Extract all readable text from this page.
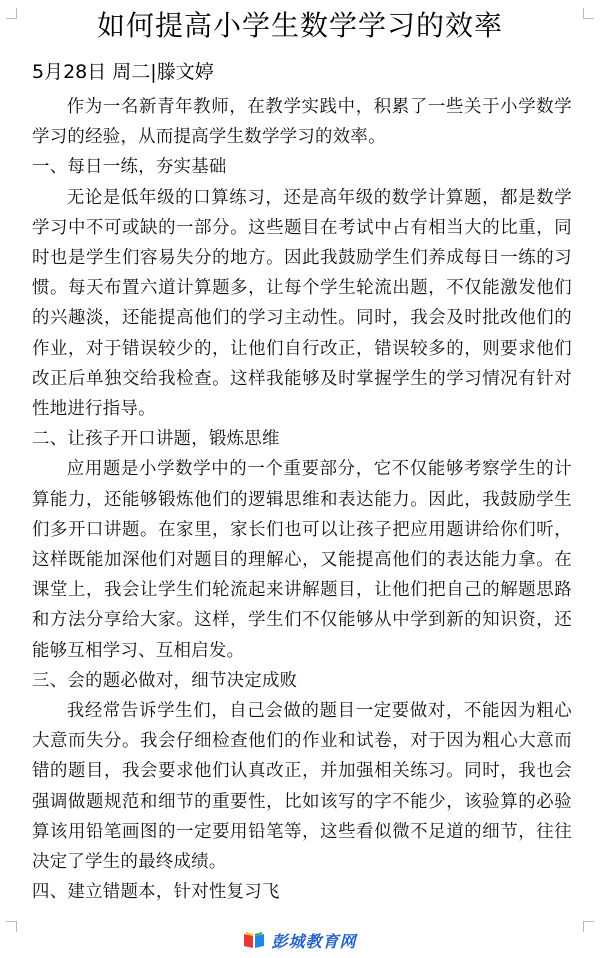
如何提高小学生数学学习的效率
5月28日 周二|滕文婷

作为一名新青年教师，在教学实践中，积累了一些关于小学数学学习的经验，从而提高学生数学学习的效率。

一、每日一练，夯实基础

无论是低年级的口算练习，还是高年级的数学计算题，都是数学学习中不可或缺的一部分。这些题目在考试中占有相当大的比重，同时也是学生们容易失分的地方。因此我鼓励学生们养成每日一练的习惯。每天布置六道计算题多，让每个学生轮流出题，不仅能激发他们的兴趣淡，还能提高他们的学习主动性。同时，我会及时批改他们的作业，对于错误较少的，让他们自行改正，错误较多的，则要求他们改正后单独交给我检查。这样我能够及时掌握学生的学习情况有针对性地进行指导。

二、让孩子开口讲题，锻炼思维

应用题是小学数学中的一个重要部分，它不仅能够考察学生的计算能力，还能够锻炼他们的逻辑思维和表达能力。因此，我鼓励学生们多开口讲题。在家里，家长们也可以让孩子把应用题讲给你们听，这样既能加深他们对题目的理解心，又能提高他们的表达能力拿。在课堂上，我会让学生们轮流起来讲解题目，让他们把自己的解题思路和方法分享给大家。这样，学生们不仅能够从中学到新的知识资，还能够互相学习、互相启发。

三、会的题必做对，细节决定成败

我经常告诉学生们，自己会做的题目一定要做对，不能因为粗心大意而失分。我会仔细检查他们的作业和试卷，对于因为粗心大意而错的题目，我会要求他们认真改正，并加强相关练习。同时，我也会强调做题规范和细节的重要性，比如该写的字不能少，该验算的必验算该用铅笔画图的一定要用铅笔等，这些看似微不足道的细节，往往决定了学生的最终成绩。

四、建立错题本，针对性复习飞

彭城教育网
